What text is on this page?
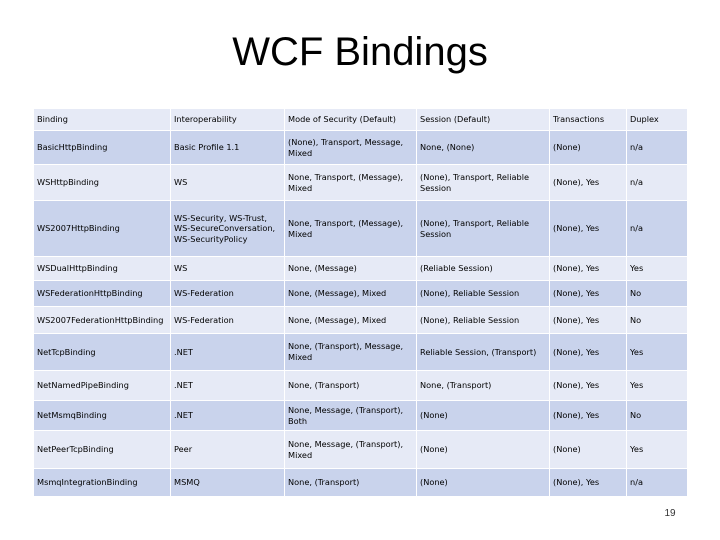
WCF Bindings
Binding	Interoperability	Mode of Security (Default)	Session (Default)	Transactions	Duplex
BasicHttpBinding	Basic Profile 1.1	(None), Transport, Message, Mixed	None, (None)	(None)	n/a
WSHttpBinding	WS	None, Transport, (Message), Mixed	(None), Transport, Reliable Session	(None), Yes	n/a
WS2007HttpBinding	WS-Security, WS-Trust, WS-SecureConversation, WS-SecurityPolicy	None, Transport, (Message), Mixed	(None), Transport, Reliable Session	(None), Yes	n/a
WSDualHttpBinding	WS	None, (Message)	(Reliable Session)	(None), Yes	Yes
WSFederationHttpBinding	WS-Federation	None, (Message), Mixed	(None), Reliable Session	(None), Yes	No
WS2007FederationHttpBinding	WS-Federation	None, (Message), Mixed	(None), Reliable Session	(None), Yes	No
NetTcpBinding	.NET	None, (Transport), Message, Mixed	Reliable Session, (Transport)	(None), Yes	Yes
NetNamedPipeBinding	.NET	None, (Transport)	None, (Transport)	(None), Yes	Yes
NetMsmqBinding	.NET	None, Message, (Transport), Both	(None)	(None), Yes	No
NetPeerTcpBinding	Peer	None, Message, (Transport), Mixed	(None)	(None)	Yes
MsmqIntegrationBinding	MSMQ	None, (Transport)	(None)	(None), Yes	n/a
19
